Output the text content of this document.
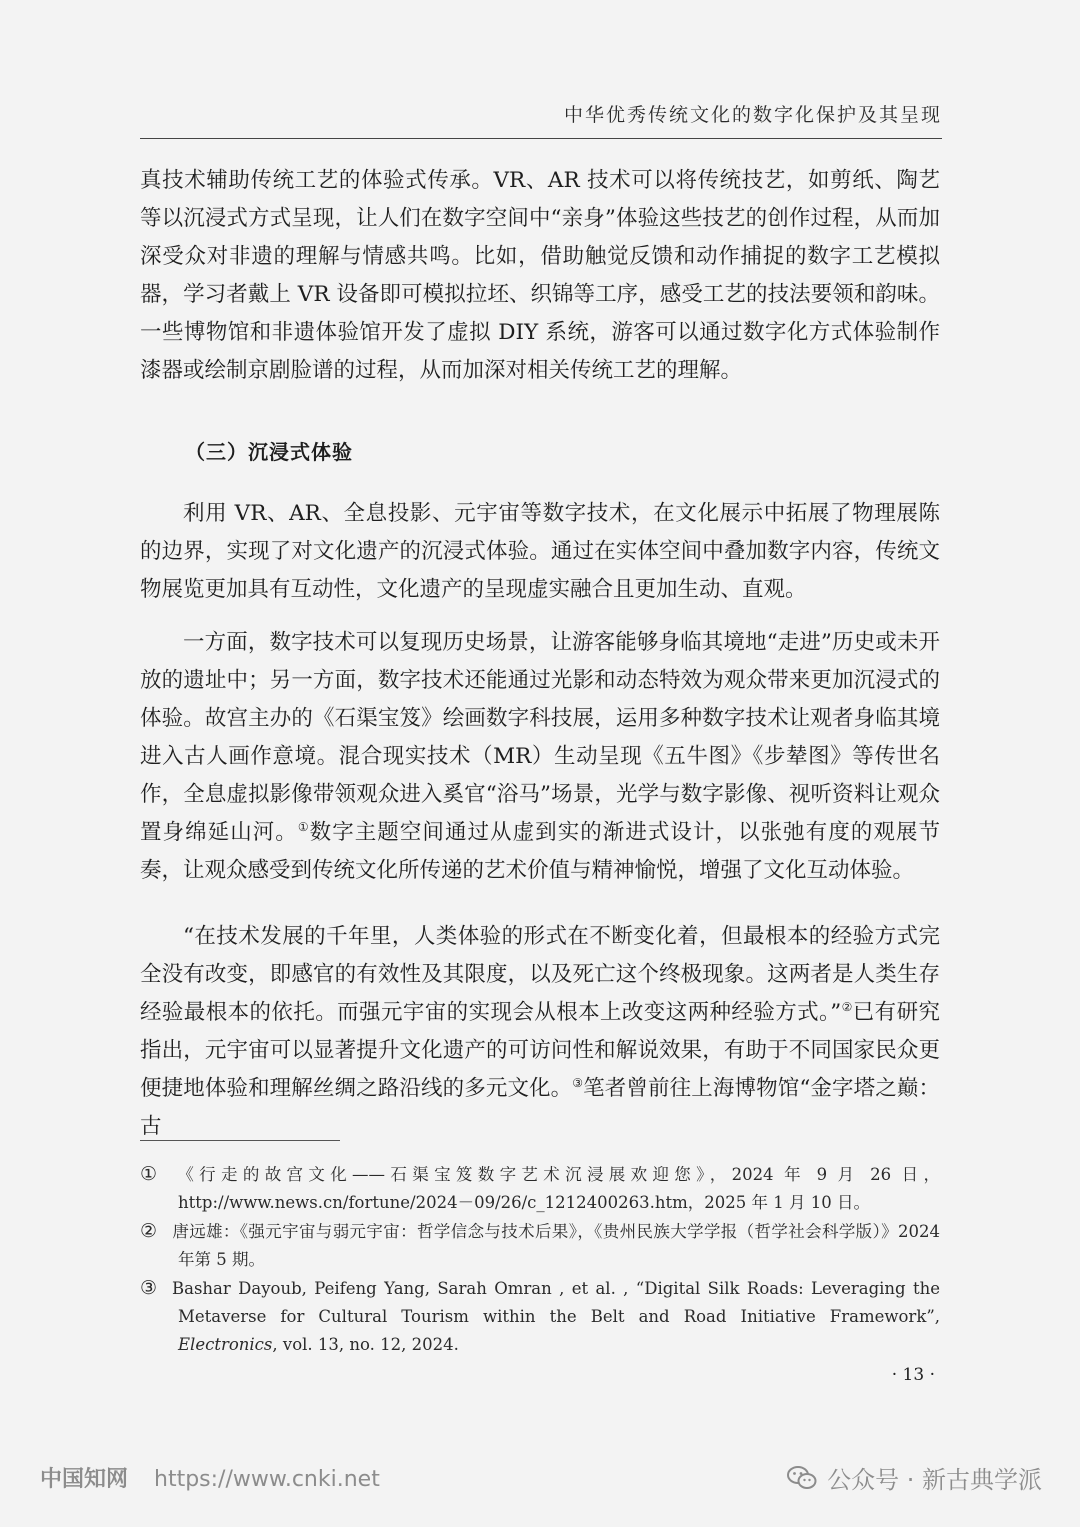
中华优秀传统文化的数字化保护及其呈现

真技术辅助传统工艺的体验式传承。VR、AR 技术可以将传统技艺，如剪纸、陶艺等以沉浸式方式呈现，让人们在数字空间中“亲身”体验这些技艺的创作过程，从而加深受众对非遗的理解与情感共鸣。比如，借助触觉反馈和动作捕捉的数字工艺模拟器，学习者戴上 VR 设备即可模拟拉坯、织锦等工序，感受工艺的技法要领和韵味。一些博物馆和非遗体验馆开发了虚拟 DIY 系统，游客可以通过数字化方式体验制作漆器或绘制京剧脸谱的过程，从而加深对相关传统工艺的理解。

（三）沉浸式体验

利用 VR、AR、全息投影、元宇宙等数字技术，在文化展示中拓展了物理展陈的边界，实现了对文化遗产的沉浸式体验。通过在实体空间中叠加数字内容，传统文物展览更加具有互动性，文化遗产的呈现虚实融合且更加生动、直观。

一方面，数字技术可以复现历史场景，让游客能够身临其境地“走进”历史或未开放的遗址中；另一方面，数字技术还能通过光影和动态特效为观众带来更加沉浸式的体验。故宫主办的《石渠宝笈》绘画数字科技展，运用多种数字技术让观者身临其境进入古人画作意境。混合现实技术（MR）生动呈现《五牛图》《步辇图》等传世名作，全息虚拟影像带领观众进入奚官“浴马”场景，光学与数字影像、视听资料让观众置身绵延山河。①数字主题空间通过从虚到实的渐进式设计，以张弛有度的观展节奏，让观众感受到传统文化所传递的艺术价值与精神愉悦，增强了文化互动体验。

“在技术发展的千年里，人类体验的形式在不断变化着，但最根本的经验方式完全没有改变，即感官的有效性及其限度，以及死亡这个终极现象。这两者是人类生存经验最根本的依托。而强元宇宙的实现会从根本上改变这两种经验方式。”②已有研究指出，元宇宙可以显著提升文化遗产的可访问性和解说效果，有助于不同国家民众更便捷地体验和理解丝绸之路沿线的多元文化。③笔者曾前往上海博物馆“金字塔之巅：古

① 《行走的故宫文化——石渠宝笈数字艺术沉浸展欢迎您》，2024 年 9 月 26 日，http://www.news.cn/fortune/2024－09/26/c_1212400263.htm，2025 年 1 月 10 日。
② 唐远雄：《强元宇宙与弱元宇宙：哲学信念与技术后果》，《贵州民族大学学报（哲学社会科学版）》2024 年第 5 期。
③ Bashar Dayoub, Peifeng Yang, Sarah Omran , et al. , “Digital Silk Roads: Leveraging the Metaverse for Cultural Tourism within the Belt and Road Initiative Framework”, Electronics, vol. 13, no. 12, 2024.
· 13 ·
中国知网 https://www.cnki.net	公众号 · 新古典学派
